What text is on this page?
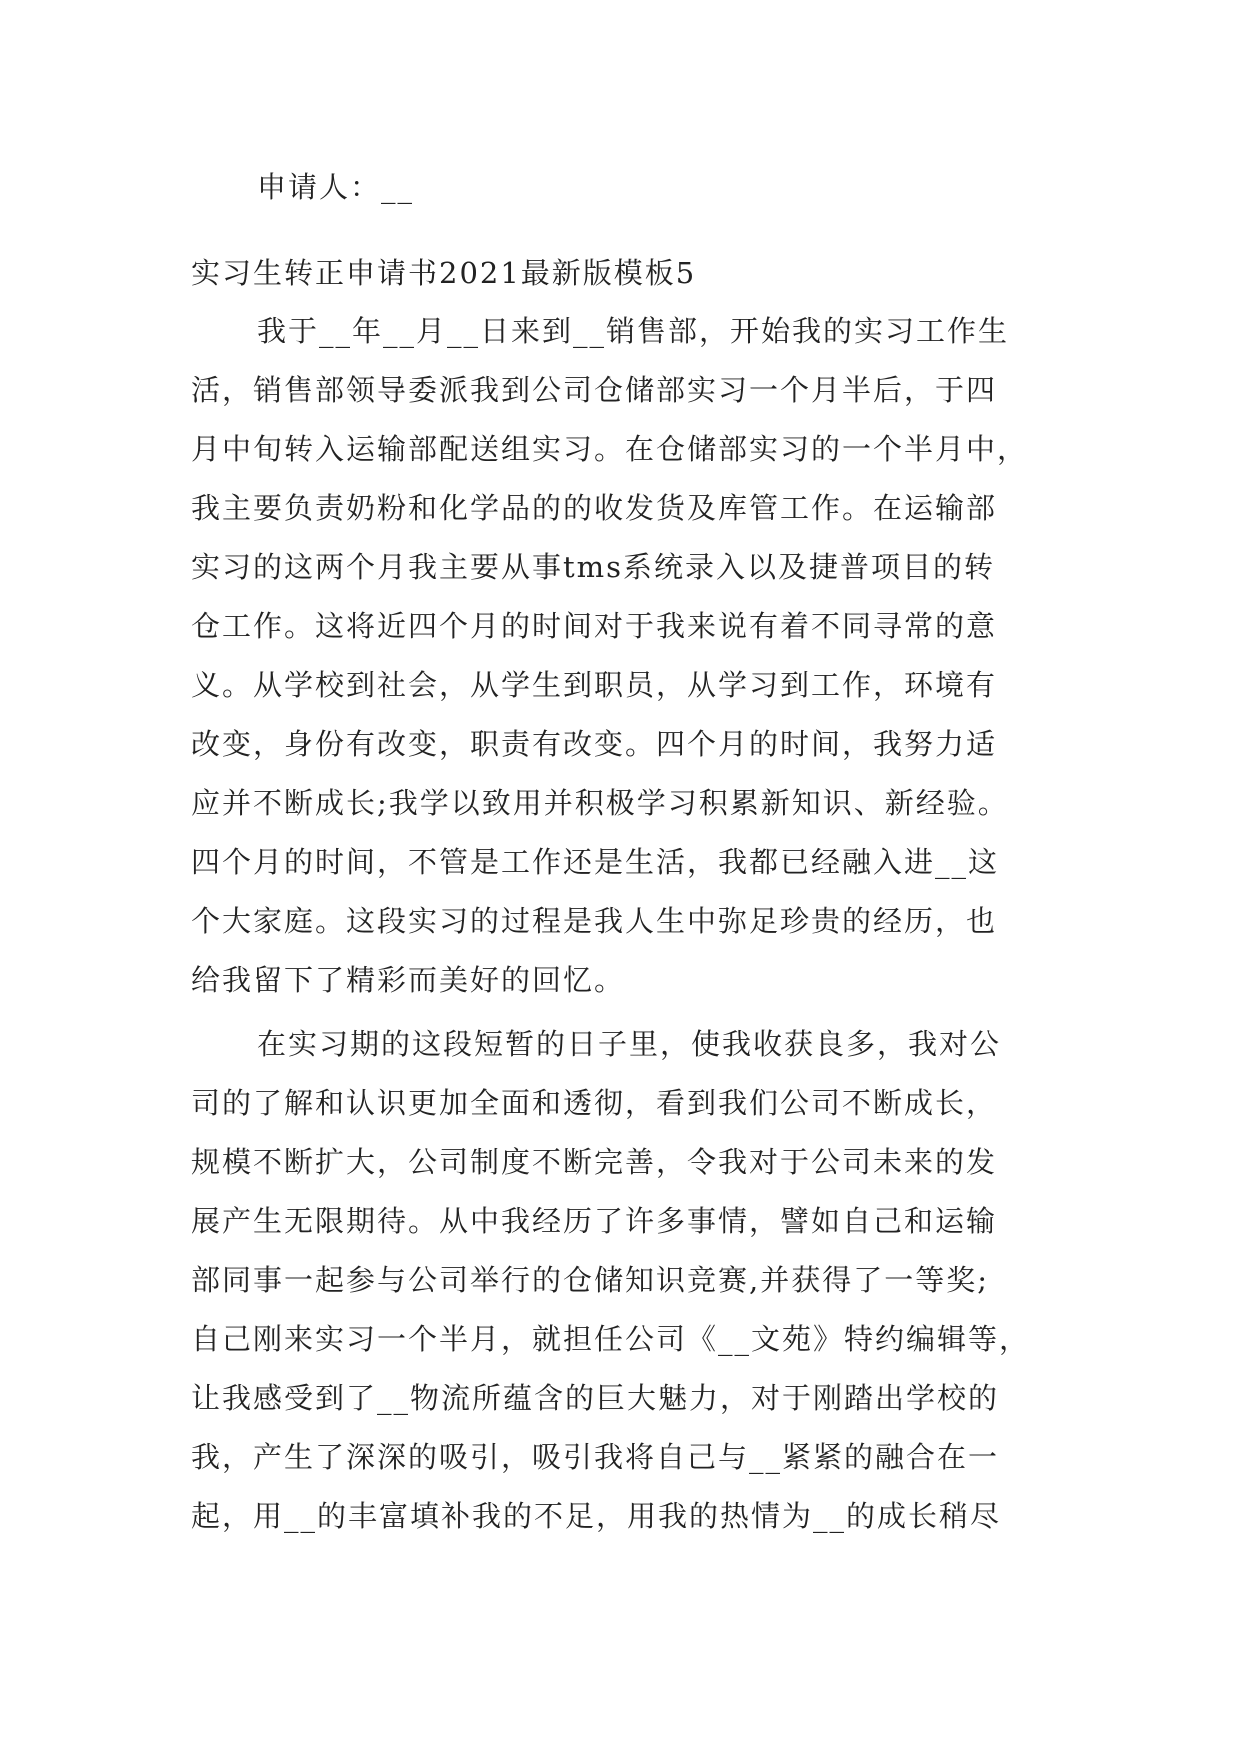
申请人：__
实习生转正申请书2021最新版模板5
我于__年__月__日来到__销售部，开始我的实习工作生
活，销售部领导委派我到公司仓储部实习一个月半后，于四
月中旬转入运输部配送组实习。在仓储部实习的一个半月中，
我主要负责奶粉和化学品的的收发货及库管工作。在运输部
实习的这两个月我主要从事tms系统录入以及捷普项目的转
仓工作。这将近四个月的时间对于我来说有着不同寻常的意
义。从学校到社会，从学生到职员，从学习到工作，环境有
改变，身份有改变，职责有改变。四个月的时间，我努力适
应并不断成长;我学以致用并积极学习积累新知识、新经验。
四个月的时间，不管是工作还是生活，我都已经融入进__这
个大家庭。这段实习的过程是我人生中弥足珍贵的经历，也
给我留下了精彩而美好的回忆。
在实习期的这段短暂的日子里，使我收获良多，我对公
司的了解和认识更加全面和透彻，看到我们公司不断成长，
规模不断扩大，公司制度不断完善，令我对于公司未来的发
展产生无限期待。从中我经历了许多事情，譬如自己和运输
部同事一起参与公司举行的仓储知识竞赛,并获得了一等奖;
自己刚来实习一个半月，就担任公司《__文苑》特约编辑等，
让我感受到了__物流所蕴含的巨大魅力，对于刚踏出学校的
我，产生了深深的吸引，吸引我将自己与__紧紧的融合在一
起，用__的丰富填补我的不足，用我的热情为__的成长稍尽
